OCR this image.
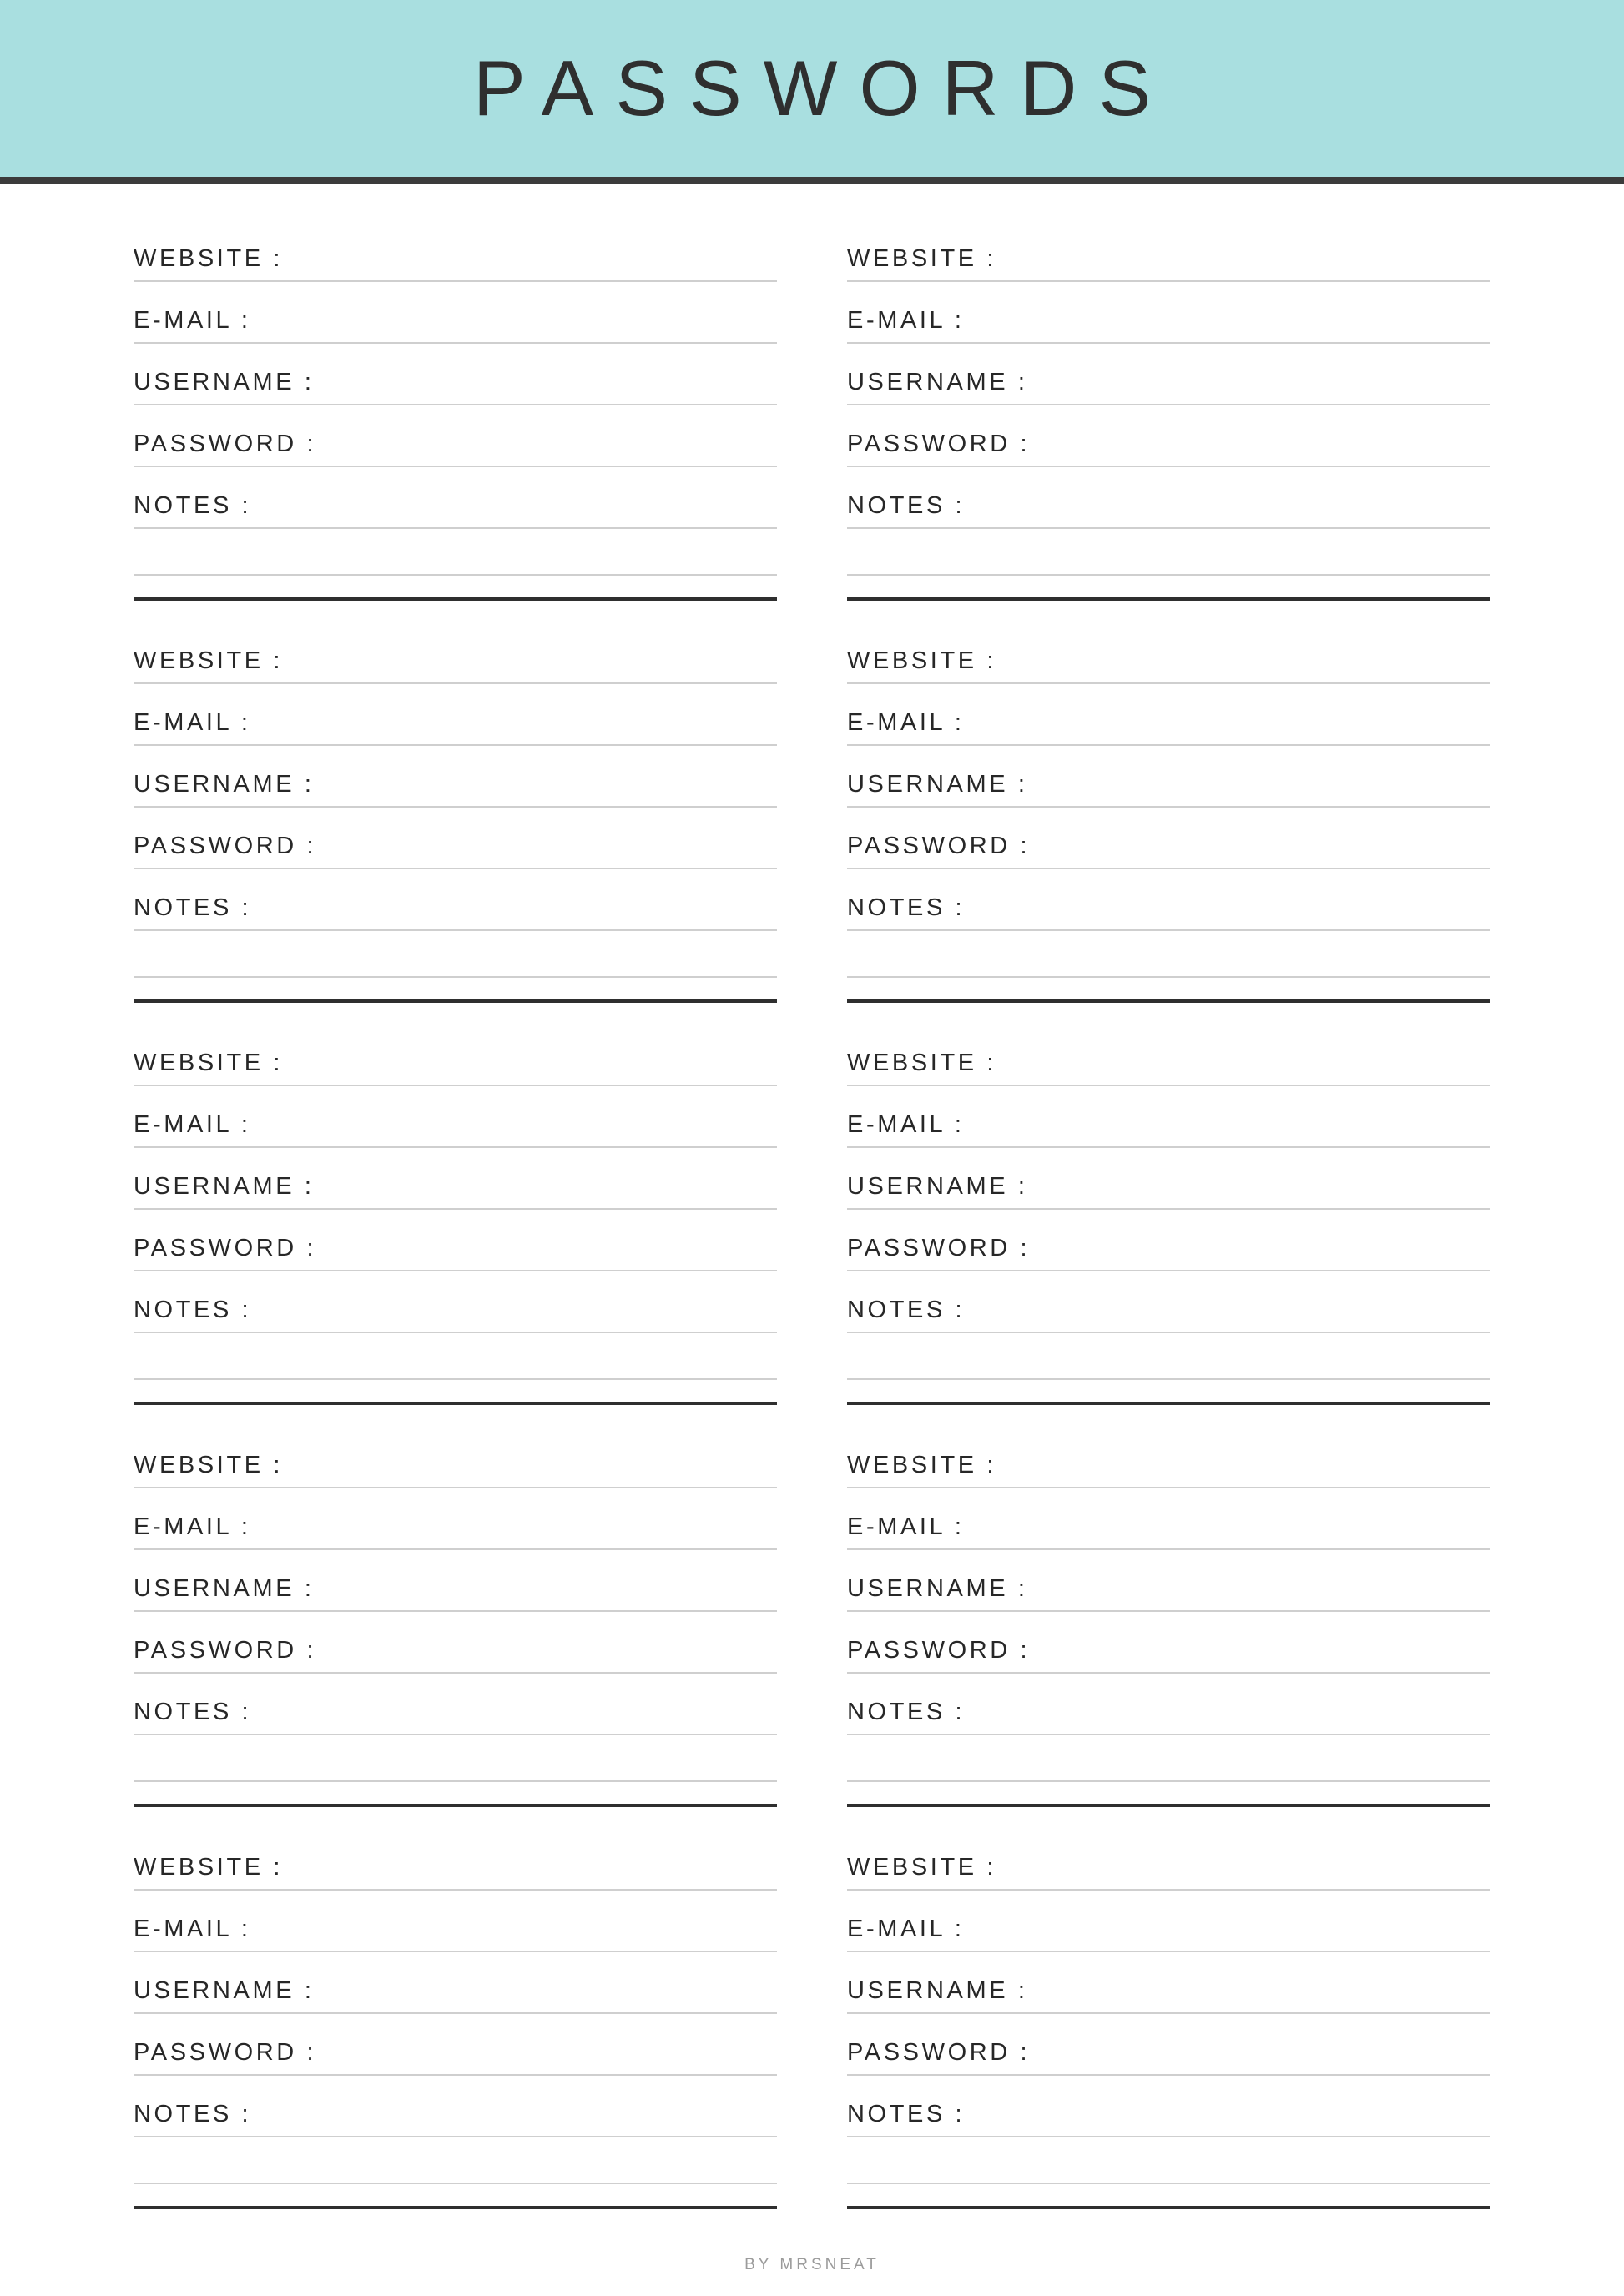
PASSWORDS
WEBSITE :
E-MAIL :
USERNAME :
PASSWORD :
NOTES :
WEBSITE :
E-MAIL :
USERNAME :
PASSWORD :
NOTES :
WEBSITE :
E-MAIL :
USERNAME :
PASSWORD :
NOTES :
WEBSITE :
E-MAIL :
USERNAME :
PASSWORD :
NOTES :
WEBSITE :
E-MAIL :
USERNAME :
PASSWORD :
NOTES :
WEBSITE :
E-MAIL :
USERNAME :
PASSWORD :
NOTES :
WEBSITE :
E-MAIL :
USERNAME :
PASSWORD :
NOTES :
WEBSITE :
E-MAIL :
USERNAME :
PASSWORD :
NOTES :
WEBSITE :
E-MAIL :
USERNAME :
PASSWORD :
NOTES :
WEBSITE :
E-MAIL :
USERNAME :
PASSWORD :
NOTES :
BY MRSNEAT
